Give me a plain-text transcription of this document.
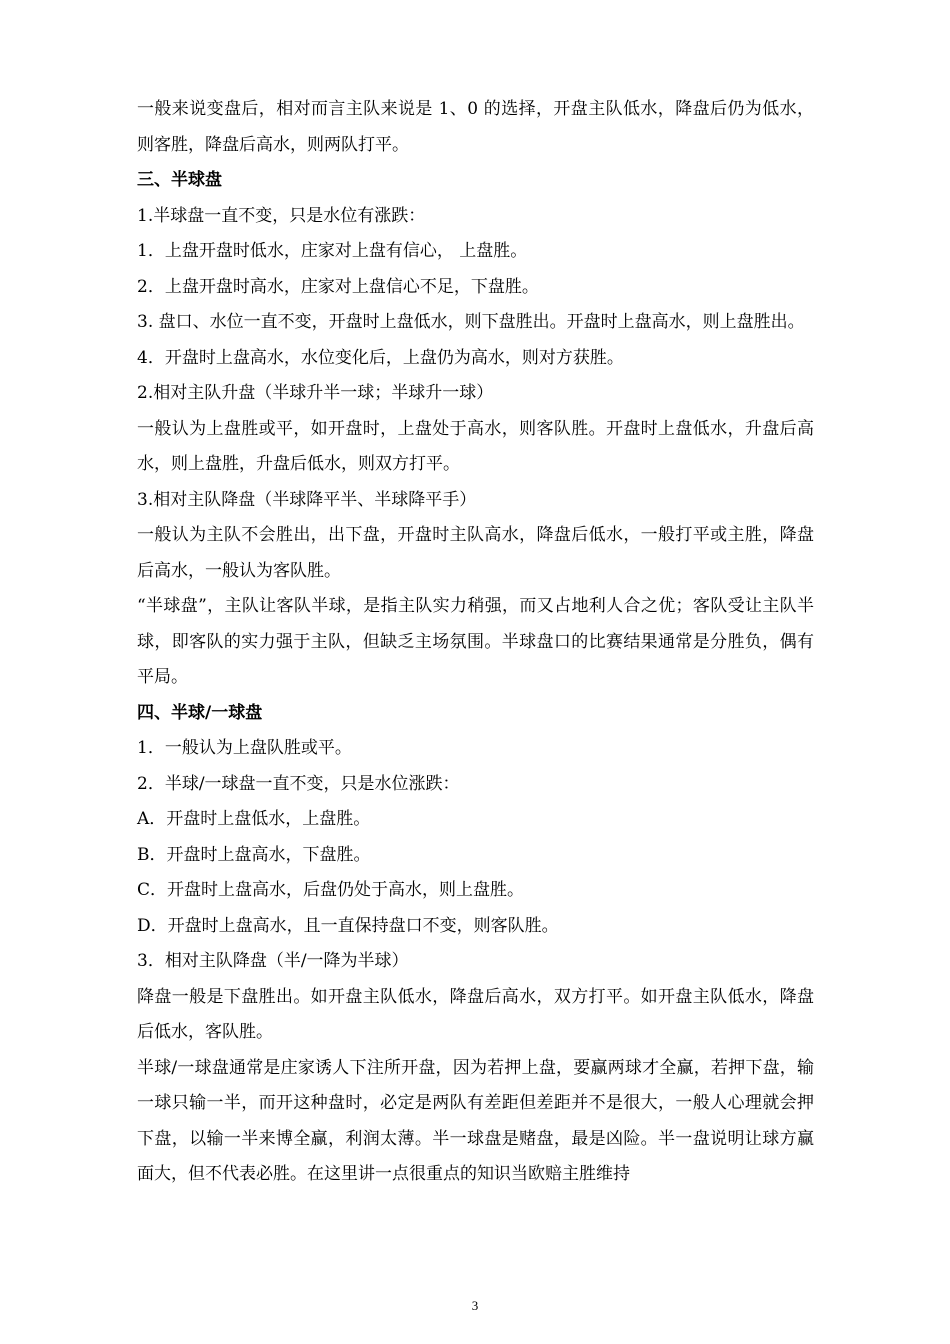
一般来说变盘后，相对而言主队来说是 1、0 的选择，开盘主队低水，降盘后仍为低水，则客胜，降盘后高水，则两队打平。

三、半球盘

1.半球盘一直不变，只是水位有涨跌：

1．上盘开盘时低水，庄家对上盘有信心， 上盘胜。

2．上盘开盘时高水，庄家对上盘信心不足，下盘胜。

3. 盘口、水位一直不变，开盘时上盘低水，则下盘胜出。开盘时上盘高水，则上盘胜出。

4．开盘时上盘高水，水位变化后，上盘仍为高水，则对方获胜。

2.相对主队升盘（半球升半一球；半球升一球）

一般认为上盘胜或平，如开盘时，上盘处于高水，则客队胜。开盘时上盘低水，升盘后高水，则上盘胜，升盘后低水，则双方打平。

3.相对主队降盘（半球降平半、半球降平手）

一般认为主队不会胜出，出下盘，开盘时主队高水，降盘后低水，一般打平或主胜，降盘后高水，一般认为客队胜。

“半球盘”，主队让客队半球，是指主队实力稍强，而又占地利人合之优；客队受让主队半球，即客队的实力强于主队，但缺乏主场氛围。半球盘口的比赛结果通常是分胜负，偶有平局。

四、半球/一球盘

1．一般认为上盘队胜或平。

2．半球/一球盘一直不变，只是水位涨跌：

A．开盘时上盘低水，上盘胜。

B．开盘时上盘高水，下盘胜。

C．开盘时上盘高水，后盘仍处于高水，则上盘胜。

D．开盘时上盘高水，且一直保持盘口不变，则客队胜。

3．相对主队降盘（半/一降为半球）

降盘一般是下盘胜出。如开盘主队低水，降盘后高水，双方打平。如开盘主队低水，降盘后低水，客队胜。

半球/一球盘通常是庄家诱人下注所开盘，因为若押上盘，要赢两球才全赢，若押下盘，输一球只输一半，而开这种盘时，必定是两队有差距但差距并不是很大，一般人心理就会押下盘，以输一半来博全赢，利润太薄。半一球盘是赌盘，最是凶险。半一盘说明让球方赢面大，但不代表必胜。在这里讲一点很重点的知识当欧赔主胜维持

3
